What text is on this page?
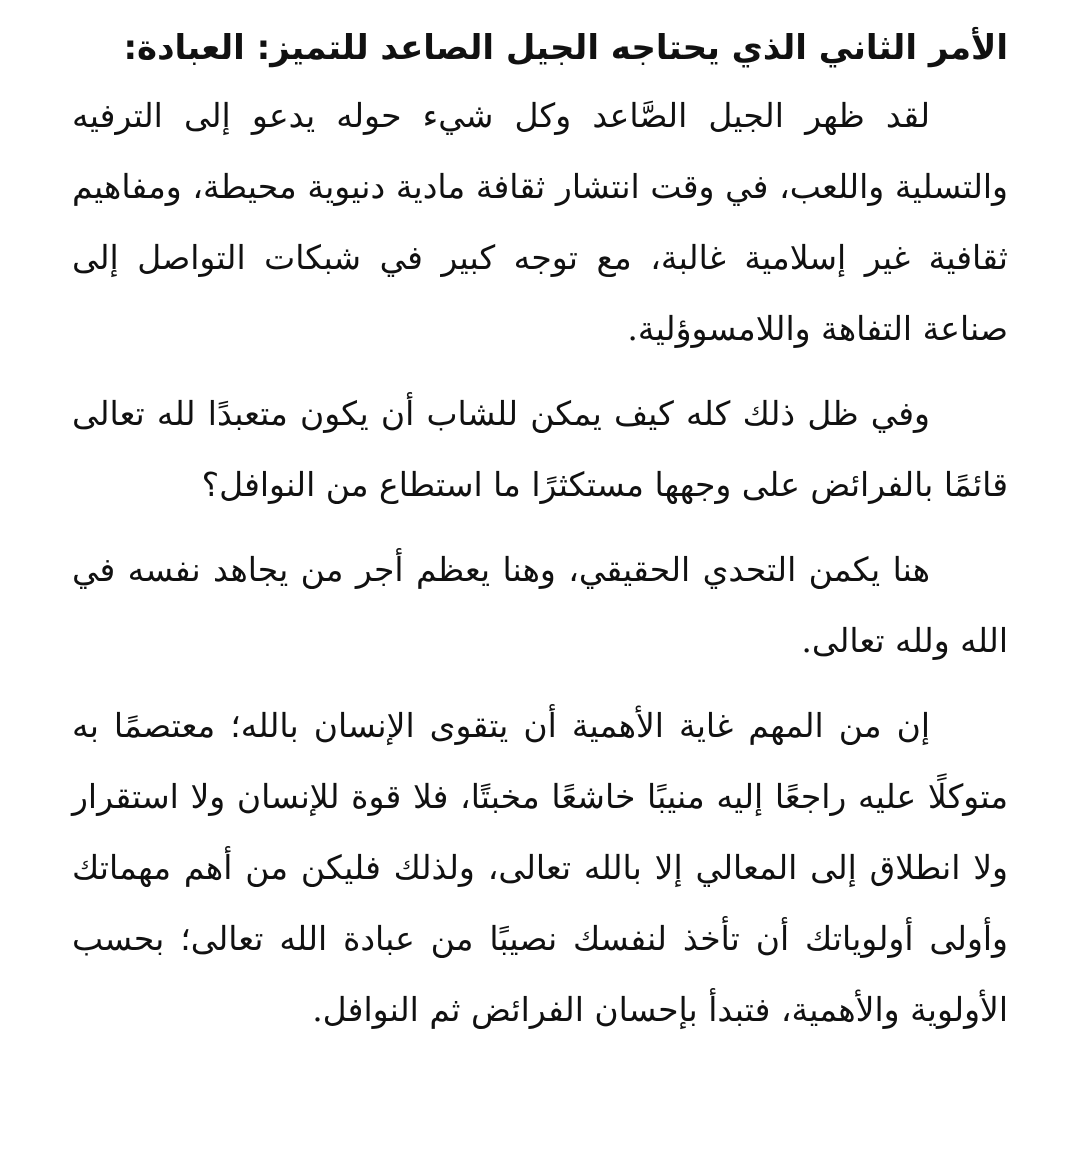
الأمر الثاني الذي يحتاجه الجيل الصاعد للتميز: العبادة:

لقد ظهر الجيل الصَّاعد وكل شيء حوله يدعو إلى الترفيه والتسلية واللعب، في وقت انتشار ثقافة مادية دنيوية محيطة، ومفاهيم ثقافية غير إسلامية غالبة، مع توجه كبير في شبكات التواصل إلى صناعة التفاهة واللامسوؤلية.

وفي ظل ذلك كله كيف يمكن للشاب أن يكون متعبدًا لله تعالى قائمًا بالفرائض على وجهها مستكثرًا ما استطاع من النوافل؟

هنا يكمن التحدي الحقيقي، وهنا يعظم أجر من يجاهد نفسه في الله ولله تعالى.

إن من المهم غاية الأهمية أن يتقوى الإنسان بالله؛ معتصمًا به متوكلًا عليه راجعًا إليه منيبًا خاشعًا مخبتًا، فلا قوة للإنسان ولا استقرار ولا انطلاق إلى المعالي إلا بالله تعالى، ولذلك فليكن من أهم مهماتك وأولى أولوياتك أن تأخذ لنفسك نصيبًا من عبادة الله تعالى؛ بحسب الأولوية والأهمية، فتبدأ بإحسان الفرائض ثم النوافل.
